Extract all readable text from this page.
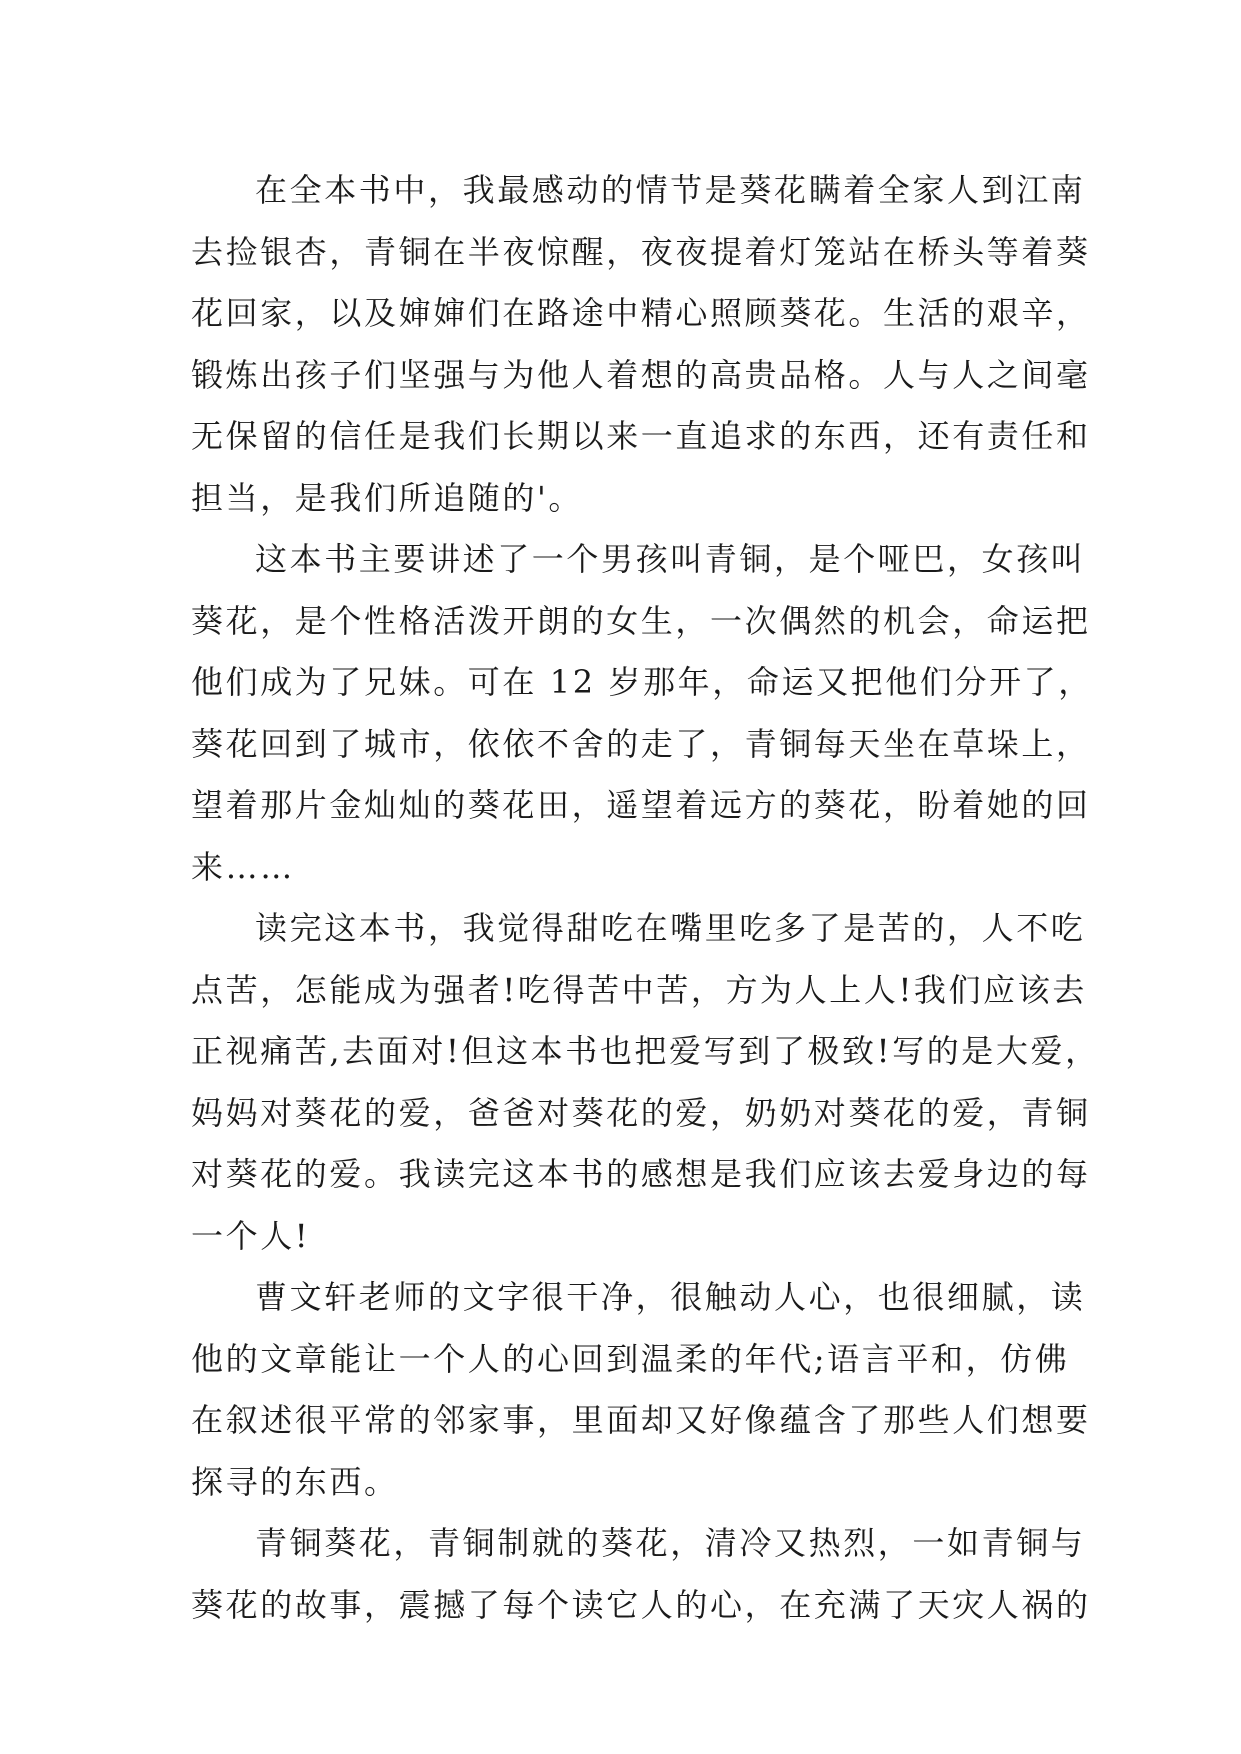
在全本书中，我最感动的情节是葵花瞒着全家人到江南
去捡银杏，青铜在半夜惊醒，夜夜提着灯笼站在桥头等着葵
花回家，以及婶婶们在路途中精心照顾葵花。生活的艰辛，
锻炼出孩子们坚强与为他人着想的高贵品格。人与人之间毫
无保留的信任是我们长期以来一直追求的东西，还有责任和
担当，是我们所追随的'。

这本书主要讲述了一个男孩叫青铜，是个哑巴，女孩叫
葵花，是个性格活泼开朗的女生，一次偶然的机会，命运把
他们成为了兄妹。可在 12 岁那年，命运又把他们分开了，
葵花回到了城市，依依不舍的走了，青铜每天坐在草垛上，
望着那片金灿灿的葵花田，遥望着远方的葵花，盼着她的回
来……

读完这本书，我觉得甜吃在嘴里吃多了是苦的，人不吃
点苦，怎能成为强者!吃得苦中苦，方为人上人!我们应该去
正视痛苦,去面对!但这本书也把爱写到了极致!写的是大爱，
妈妈对葵花的爱，爸爸对葵花的爱，奶奶对葵花的爱，青铜
对葵花的爱。我读完这本书的感想是我们应该去爱身边的每
一个人!

曹文轩老师的文字很干净，很触动人心，也很细腻，读
他的文章能让一个人的心回到温柔的年代;语言平和，仿佛
在叙述很平常的邻家事，里面却又好像蕴含了那些人们想要
探寻的东西。

青铜葵花，青铜制就的葵花，清冷又热烈，一如青铜与
葵花的故事，震撼了每个读它人的心，在充满了天灾人祸的
